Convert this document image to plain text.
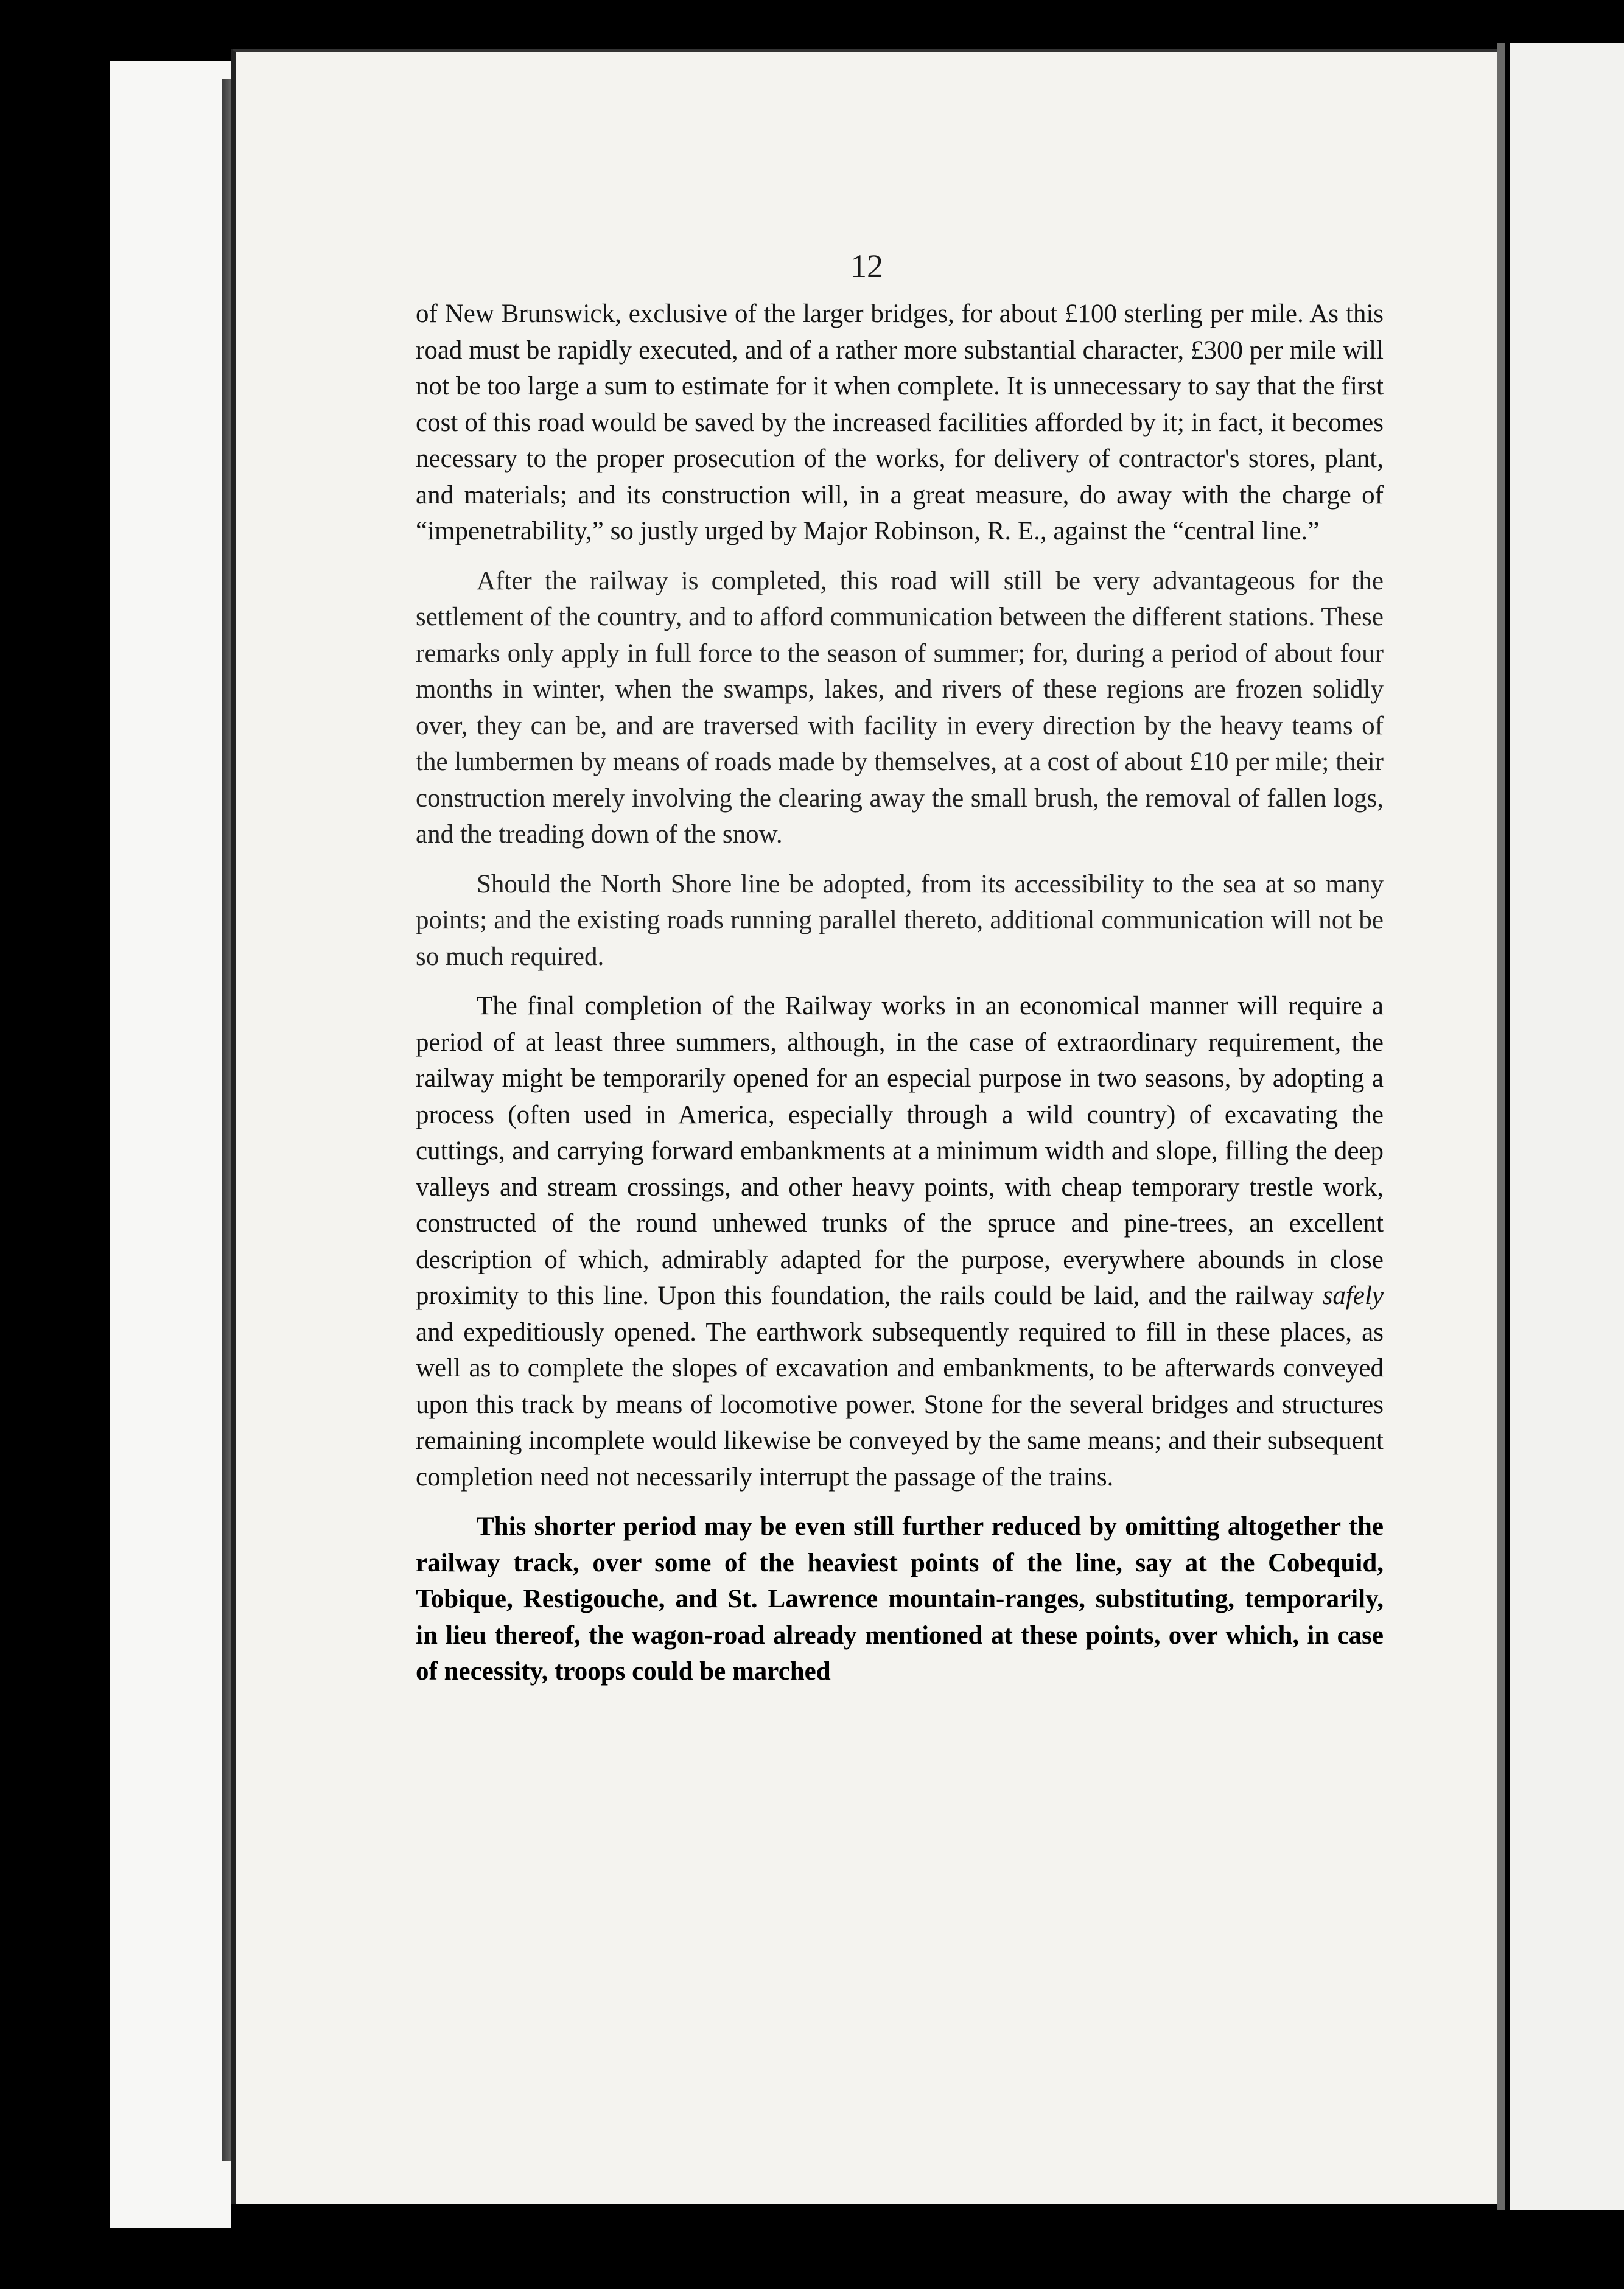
12

of New Brunswick, exclusive of the larger bridges, for about £100 sterling per mile. As this road must be rapidly executed, and of a rather more substantial character, £300 per mile will not be too large a sum to estimate for it when complete. It is unnecessary to say that the first cost of this road would be saved by the increased facilities afforded by it; in fact, it becomes necessary to the proper prosecution of the works, for delivery of contractor's stores, plant, and materials; and its construction will, in a great measure, do away with the charge of “impenetrability,” so justly urged by Major Robinson, R. E., against the “central line.”

After the railway is completed, this road will still be very advantageous for the settlement of the country, and to afford communication between the different stations. These remarks only apply in full force to the season of summer; for, during a period of about four months in winter, when the swamps, lakes, and rivers of these regions are frozen solidly over, they can be, and are traversed with facility in every direction by the heavy teams of the lumbermen by means of roads made by themselves, at a cost of about £10 per mile; their construction merely involving the clearing away the small brush, the removal of fallen logs, and the treading down of the snow.

Should the North Shore line be adopted, from its accessibility to the sea at so many points; and the existing roads running parallel thereto, additional communication will not be so much required.

The final completion of the Railway works in an economical manner will require a period of at least three summers, although, in the case of extraordinary requirement, the railway might be temporarily opened for an especial purpose in two seasons, by adopting a process (often used in America, especially through a wild country) of excavating the cuttings, and carrying forward embankments at a minimum width and slope, filling the deep valleys and stream crossings, and other heavy points, with cheap temporary trestle work, constructed of the round unhewed trunks of the spruce and pine-trees, an excellent description of which, admirably adapted for the purpose, everywhere abounds in close proximity to this line. Upon this foundation, the rails could be laid, and the railway safely and expeditiously opened. The earthwork subsequently required to fill in these places, as well as to complete the slopes of excavation and embankments, to be afterwards conveyed upon this track by means of locomotive power. Stone for the several bridges and structures remaining incomplete would likewise be conveyed by the same means; and their subsequent completion need not necessarily interrupt the passage of the trains.

This shorter period may be even still further reduced by omitting altogether the railway track, over some of the heaviest points of the line, say at the Cobequid, Tobique, Restigouche, and St. Lawrence mountain-ranges, substituting, temporarily, in lieu thereof, the wagon-road already mentioned at these points, over which, in case of necessity, troops could be marched
